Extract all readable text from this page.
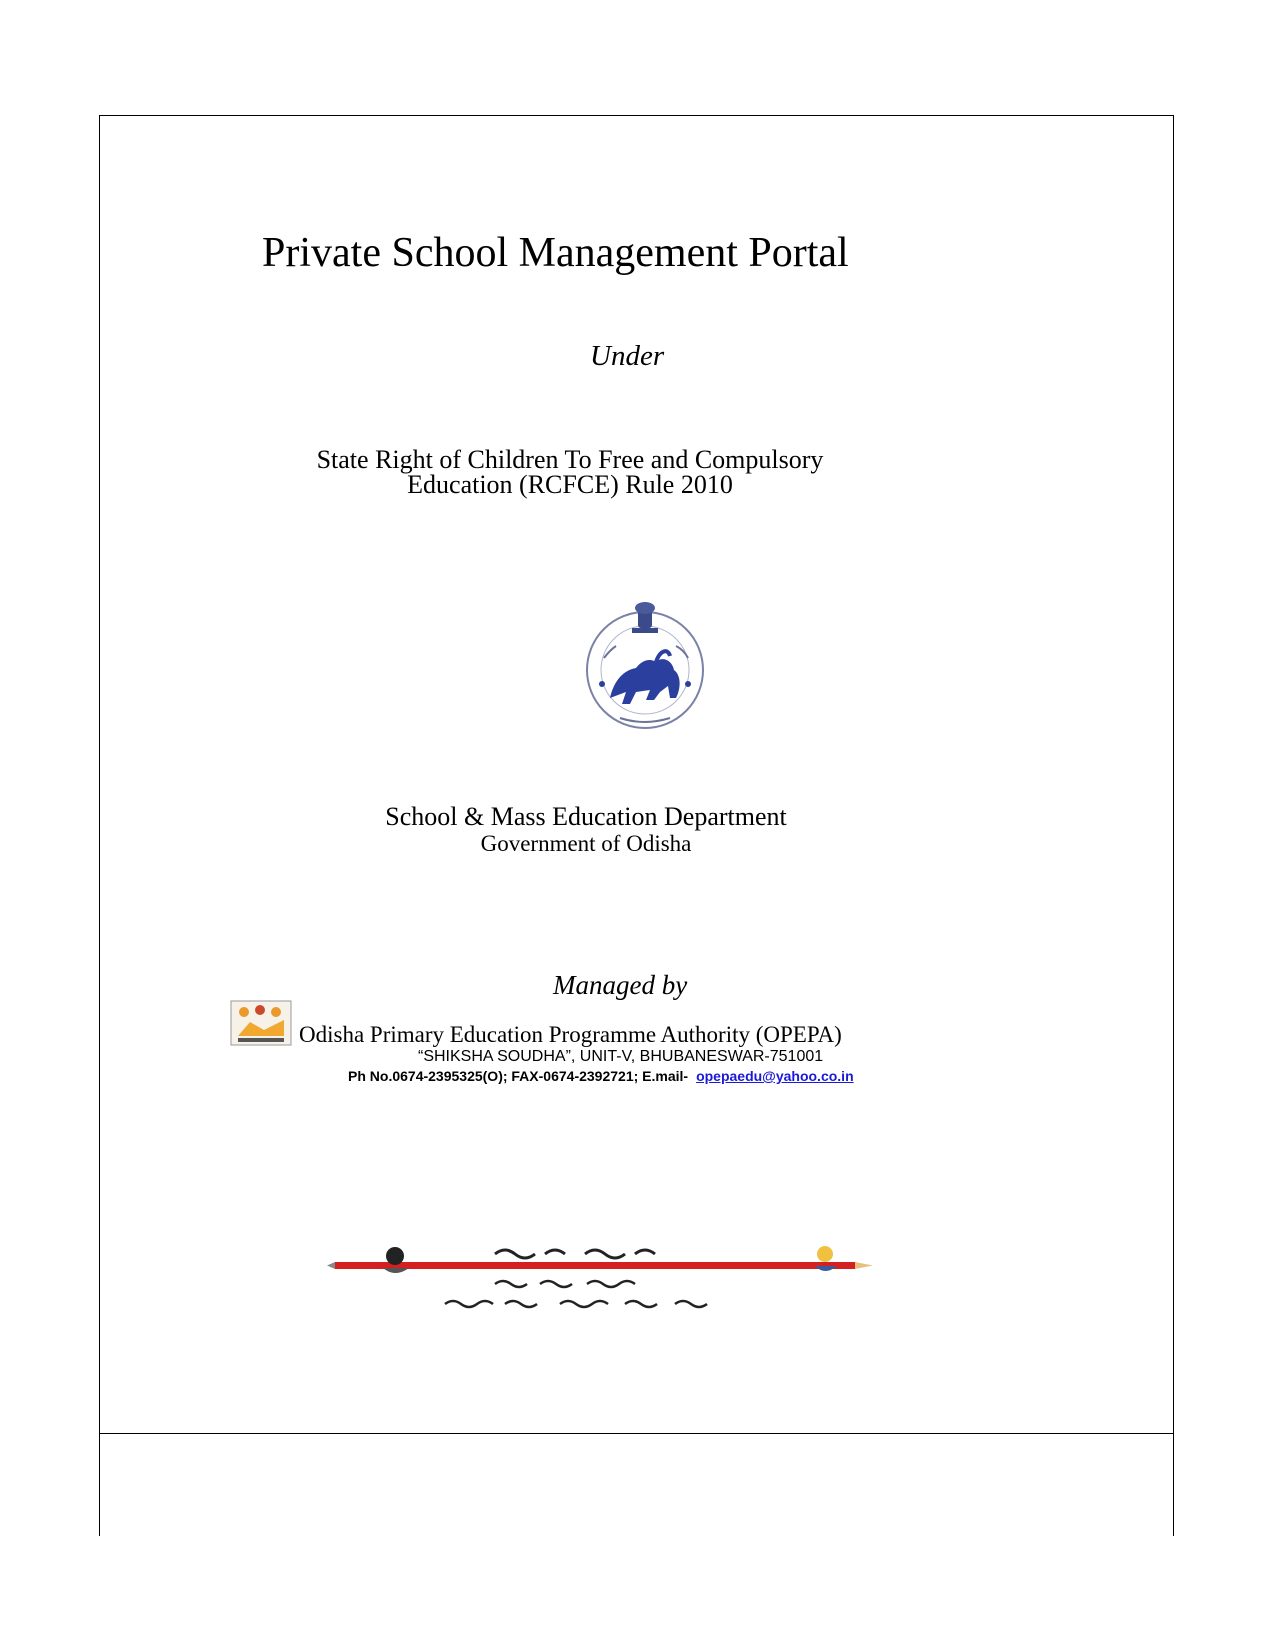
Private School Management Portal
Under
State Right of Children To Free and Compulsory
Education (RCFCE) Rule 2010
School & Mass Education Department
Government of Odisha
Managed by
Odisha Primary Education Programme Authority (OPEPA)
“SHIKSHA SOUDHA”, UNIT-V, BHUBANESWAR-751001
Ph No.0674-2395325(O); FAX-0674-2392721; E.mail- opepaedu@yahoo.co.in
